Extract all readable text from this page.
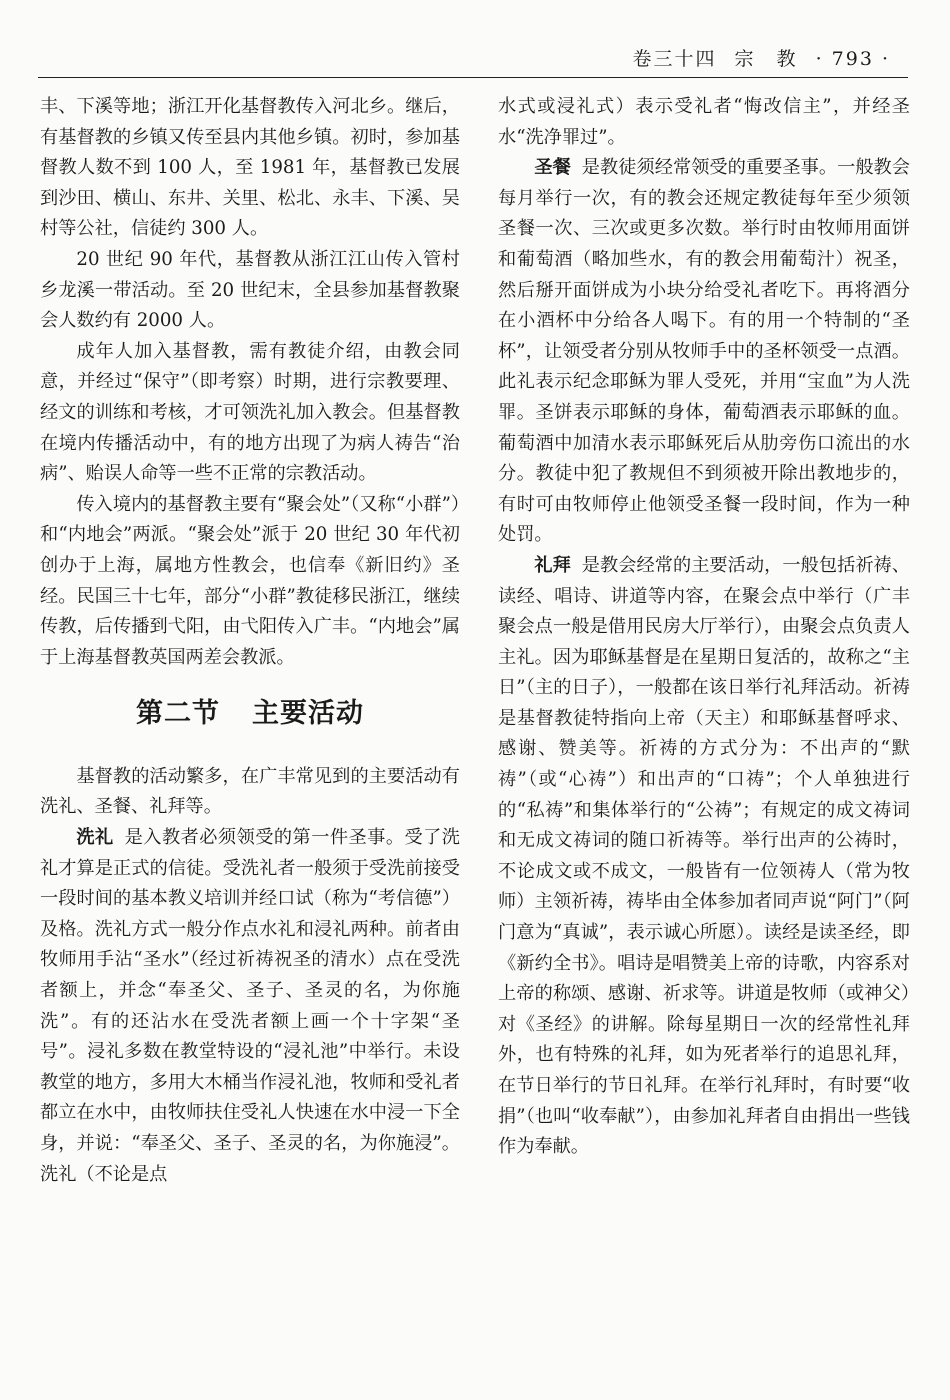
卷三十四 宗　教 · 793 ·

丰、下溪等地；浙江开化基督教传入河北乡。继后，有基督教的乡镇又传至县内其他乡镇。初时，参加基督教人数不到 100 人，至 1981 年，基督教已发展到沙田、横山、东井、关里、松北、永丰、下溪、吴村等公社，信徒约 300 人。

20 世纪 90 年代，基督教从浙江江山传入管村乡龙溪一带活动。至 20 世纪末，全县参加基督教聚会人数约有 2000 人。

成年人加入基督教，需有教徒介绍，由教会同意，并经过“保守”（即考察）时期，进行宗教要理、经文的训练和考核，才可领洗礼加入教会。但基督教在境内传播活动中，有的地方出现了为病人祷告“治病”、贻误人命等一些不正常的宗教活动。

传入境内的基督教主要有“聚会处”（又称“小群”）和“内地会”两派。“聚会处”派于 20 世纪 30 年代初创办于上海，属地方性教会，也信奉《新旧约》圣经。民国三十七年，部分“小群”教徒移民浙江，继续传教，后传播到弋阳，由弋阳传入广丰。“内地会”属于上海基督教英国两差会教派。

第二节 主要活动

基督教的活动繁多，在广丰常见到的主要活动有洗礼、圣餐、礼拜等。

洗礼 是入教者必须领受的第一件圣事。受了洗礼才算是正式的信徒。受洗礼者一般须于受洗前接受一段时间的基本教义培训并经口试（称为“考信德”）及格。洗礼方式一般分作点水礼和浸礼两种。前者由牧师用手沾“圣水”（经过祈祷祝圣的清水）点在受洗者额上，并念“奉圣父、圣子、圣灵的名，为你施洗”。有的还沾水在受洗者额上画一个十字架“圣号”。浸礼多数在教堂特设的“浸礼池”中举行。未设教堂的地方，多用大木桶当作浸礼池，牧师和受礼者都立在水中，由牧师扶住受礼人快速在水中浸一下全身，并说：“奉圣父、圣子、圣灵的名，为你施浸”。洗礼（不论是点

水式或浸礼式）表示受礼者“悔改信主”，并经圣水“洗净罪过”。

圣餐 是教徒须经常领受的重要圣事。一般教会每月举行一次，有的教会还规定教徒每年至少须领圣餐一次、三次或更多次数。举行时由牧师用面饼和葡萄酒（略加些水，有的教会用葡萄汁）祝圣，然后掰开面饼成为小块分给受礼者吃下。再将酒分在小酒杯中分给各人喝下。有的用一个特制的“圣杯”，让领受者分别从牧师手中的圣杯领受一点酒。此礼表示纪念耶稣为罪人受死，并用“宝血”为人洗罪。圣饼表示耶稣的身体，葡萄酒表示耶稣的血。葡萄酒中加清水表示耶稣死后从肋旁伤口流出的水分。教徒中犯了教规但不到须被开除出教地步的，有时可由牧师停止他领受圣餐一段时间，作为一种处罚。

礼拜 是教会经常的主要活动，一般包括祈祷、读经、唱诗、讲道等内容，在聚会点中举行（广丰聚会点一般是借用民房大厅举行），由聚会点负责人主礼。因为耶稣基督是在星期日复活的，故称之“主日”（主的日子），一般都在该日举行礼拜活动。祈祷是基督教徒特指向上帝（天主）和耶稣基督呼求、感谢、赞美等。祈祷的方式分为：不出声的“默祷”（或“心祷”）和出声的“口祷”；个人单独进行的“私祷”和集体举行的“公祷”；有规定的成文祷词和无成文祷词的随口祈祷等。举行出声的公祷时，不论成文或不成文，一般皆有一位领祷人（常为牧师）主领祈祷，祷毕由全体参加者同声说“阿门”（阿门意为“真诚”，表示诚心所愿）。读经是读圣经，即《新约全书》。唱诗是唱赞美上帝的诗歌，内容系对上帝的称颂、感谢、祈求等。讲道是牧师（或神父）对《圣经》的讲解。除每星期日一次的经常性礼拜外，也有特殊的礼拜，如为死者举行的追思礼拜，在节日举行的节日礼拜。在举行礼拜时，有时要“收捐”（也叫“收奉献”），由参加礼拜者自由捐出一些钱作为奉献。
